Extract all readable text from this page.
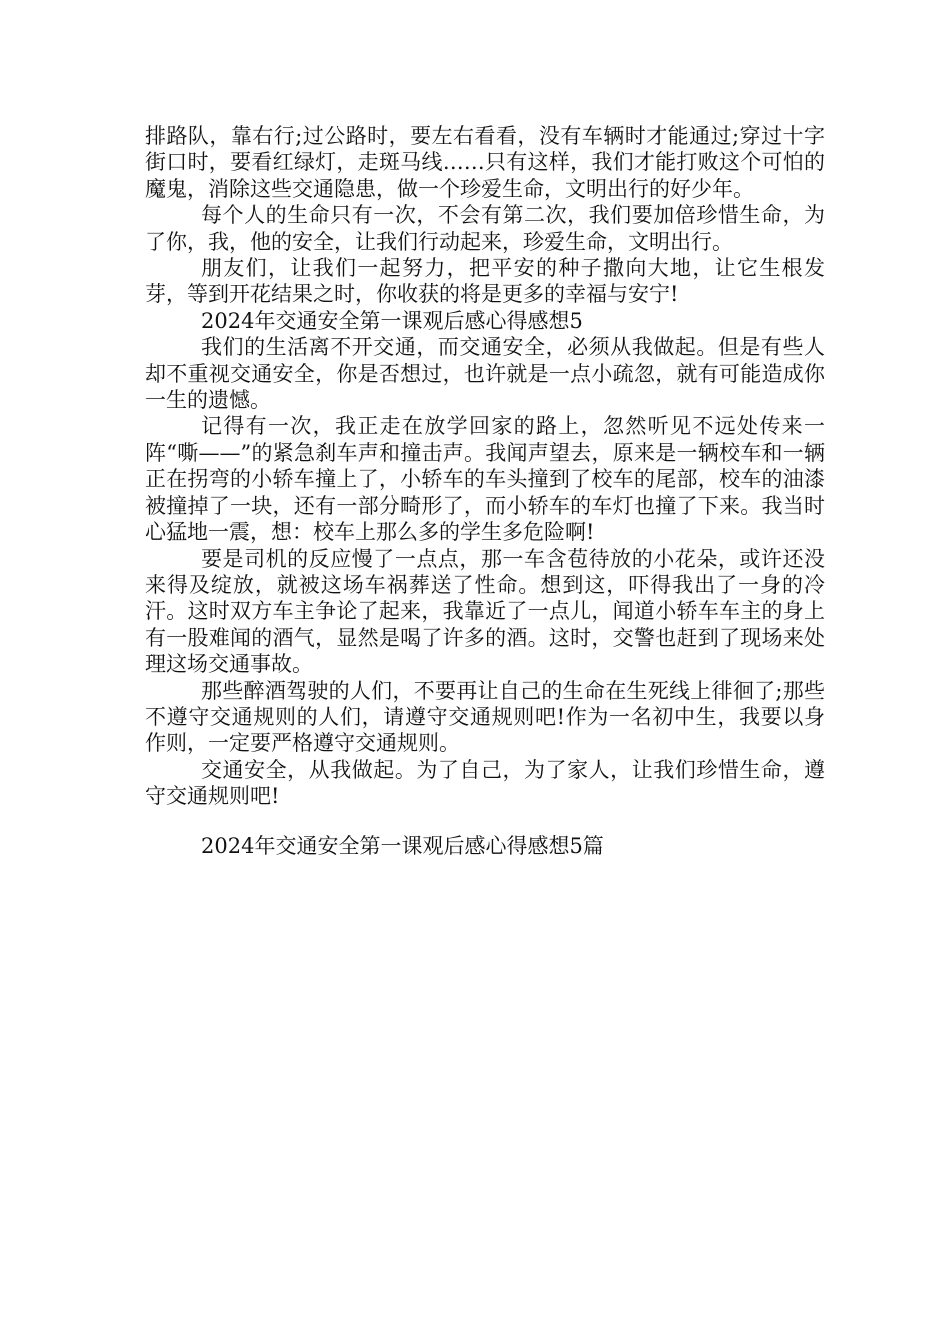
排路队，靠右行;过公路时，要左右看看，没有车辆时才能通过;穿过十字街口时，要看红绿灯，走斑马线……只有这样，我们才能打败这个可怕的魔鬼，消除这些交通隐患，做一个珍爱生命，文明出行的好少年。

每个人的生命只有一次，不会有第二次，我们要加倍珍惜生命，为了你，我，他的安全，让我们行动起来，珍爱生命，文明出行。

朋友们，让我们一起努力，把平安的种子撒向大地，让它生根发芽，等到开花结果之时，你收获的将是更多的幸福与安宁!

2024年交通安全第一课观后感心得感想5

我们的生活离不开交通，而交通安全，必须从我做起。但是有些人却不重视交通安全，你是否想过，也许就是一点小疏忽，就有可能造成你一生的遗憾。

记得有一次，我正走在放学回家的路上，忽然听见不远处传来一阵“嘶——”的紧急刹车声和撞击声。我闻声望去，原来是一辆校车和一辆正在拐弯的小轿车撞上了，小轿车的车头撞到了校车的尾部，校车的油漆被撞掉了一块，还有一部分畸形了，而小轿车的车灯也撞了下来。我当时心猛地一震，想：校车上那么多的学生多危险啊!

要是司机的反应慢了一点点，那一车含苞待放的小花朵，或许还没来得及绽放，就被这场车祸葬送了性命。想到这，吓得我出了一身的冷汗。这时双方车主争论了起来，我靠近了一点儿，闻道小轿车车主的身上有一股难闻的酒气，显然是喝了许多的酒。这时，交警也赶到了现场来处理这场交通事故。

那些醉酒驾驶的人们，不要再让自己的生命在生死线上徘徊了;那些不遵守交通规则的人们，请遵守交通规则吧!作为一名初中生，我要以身作则，一定要严格遵守交通规则。

交通安全，从我做起。为了自己，为了家人，让我们珍惜生命，遵守交通规则吧!

2024年交通安全第一课观后感心得感想5篇
